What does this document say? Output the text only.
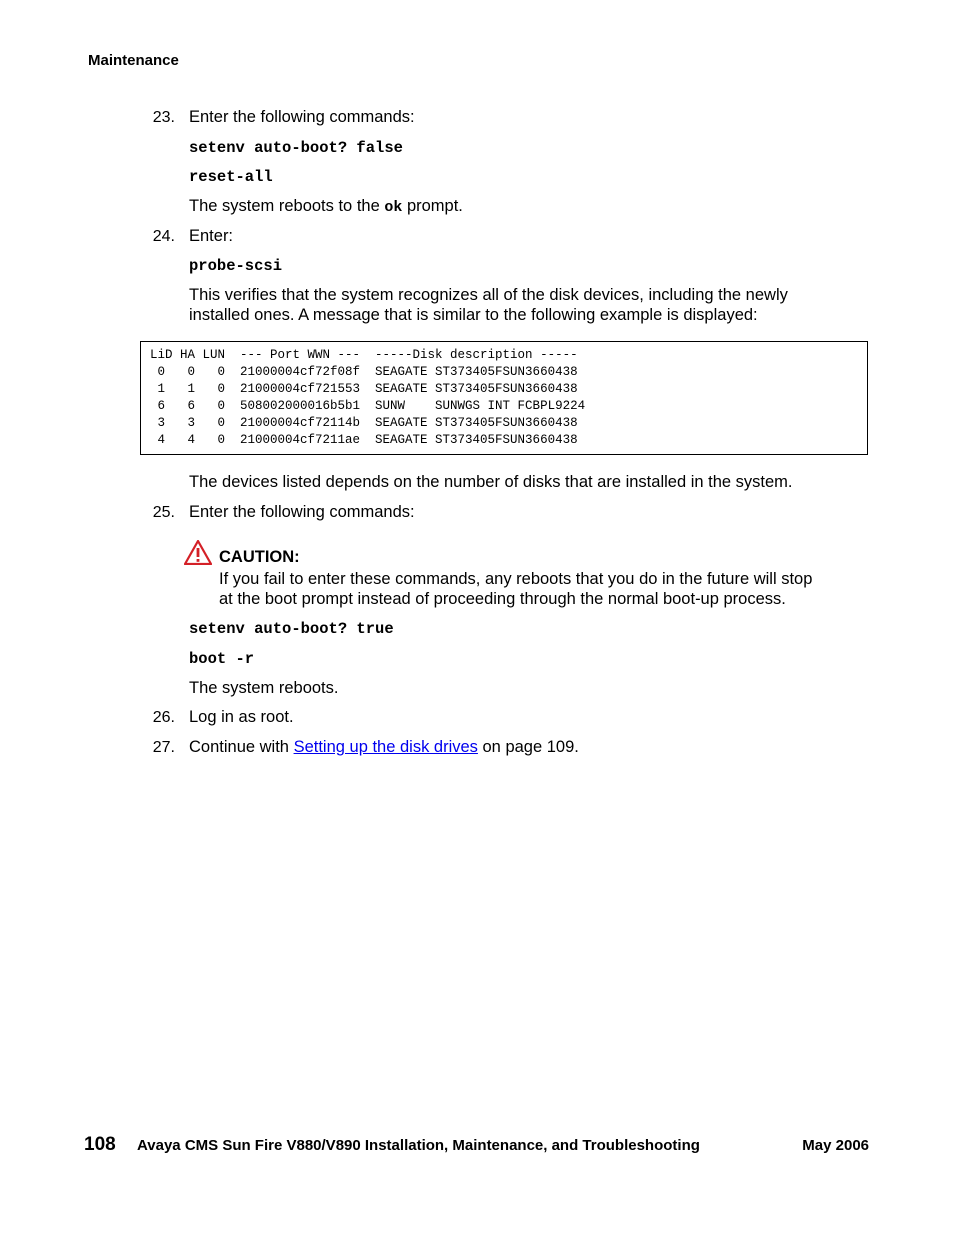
Maintenance
23. Enter the following commands:
setenv auto-boot? false
reset-all
The system reboots to the ok prompt.
24. Enter:
probe-scsi
This verifies that the system recognizes all of the disk devices, including the newly
installed ones. A message that is similar to the following example is displayed:
LiD HA LUN  --- Port WWN ---  -----Disk description -----
0   0   0  21000004cf72f08f  SEAGATE ST373405FSUN3660438
1   1   0  21000004cf721553  SEAGATE ST373405FSUN3660438
6   6   0  508002000016b5b1  SUNW    SUNWGS INT FCBPL9224
3   3   0  21000004cf72114b  SEAGATE ST373405FSUN3660438
4   4   0  21000004cf7211ae  SEAGATE ST373405FSUN3660438
The devices listed depends on the number of disks that are installed in the system.
25. Enter the following commands:
CAUTION:
If you fail to enter these commands, any reboots that you do in the future will stop
at the boot prompt instead of proceeding through the normal boot-up process.
setenv auto-boot? true
boot -r
The system reboots.
26. Log in as root.
27. Continue with Setting up the disk drives on page 109.
108 Avaya CMS Sun Fire V880/V890 Installation, Maintenance, and Troubleshooting	May 2006
